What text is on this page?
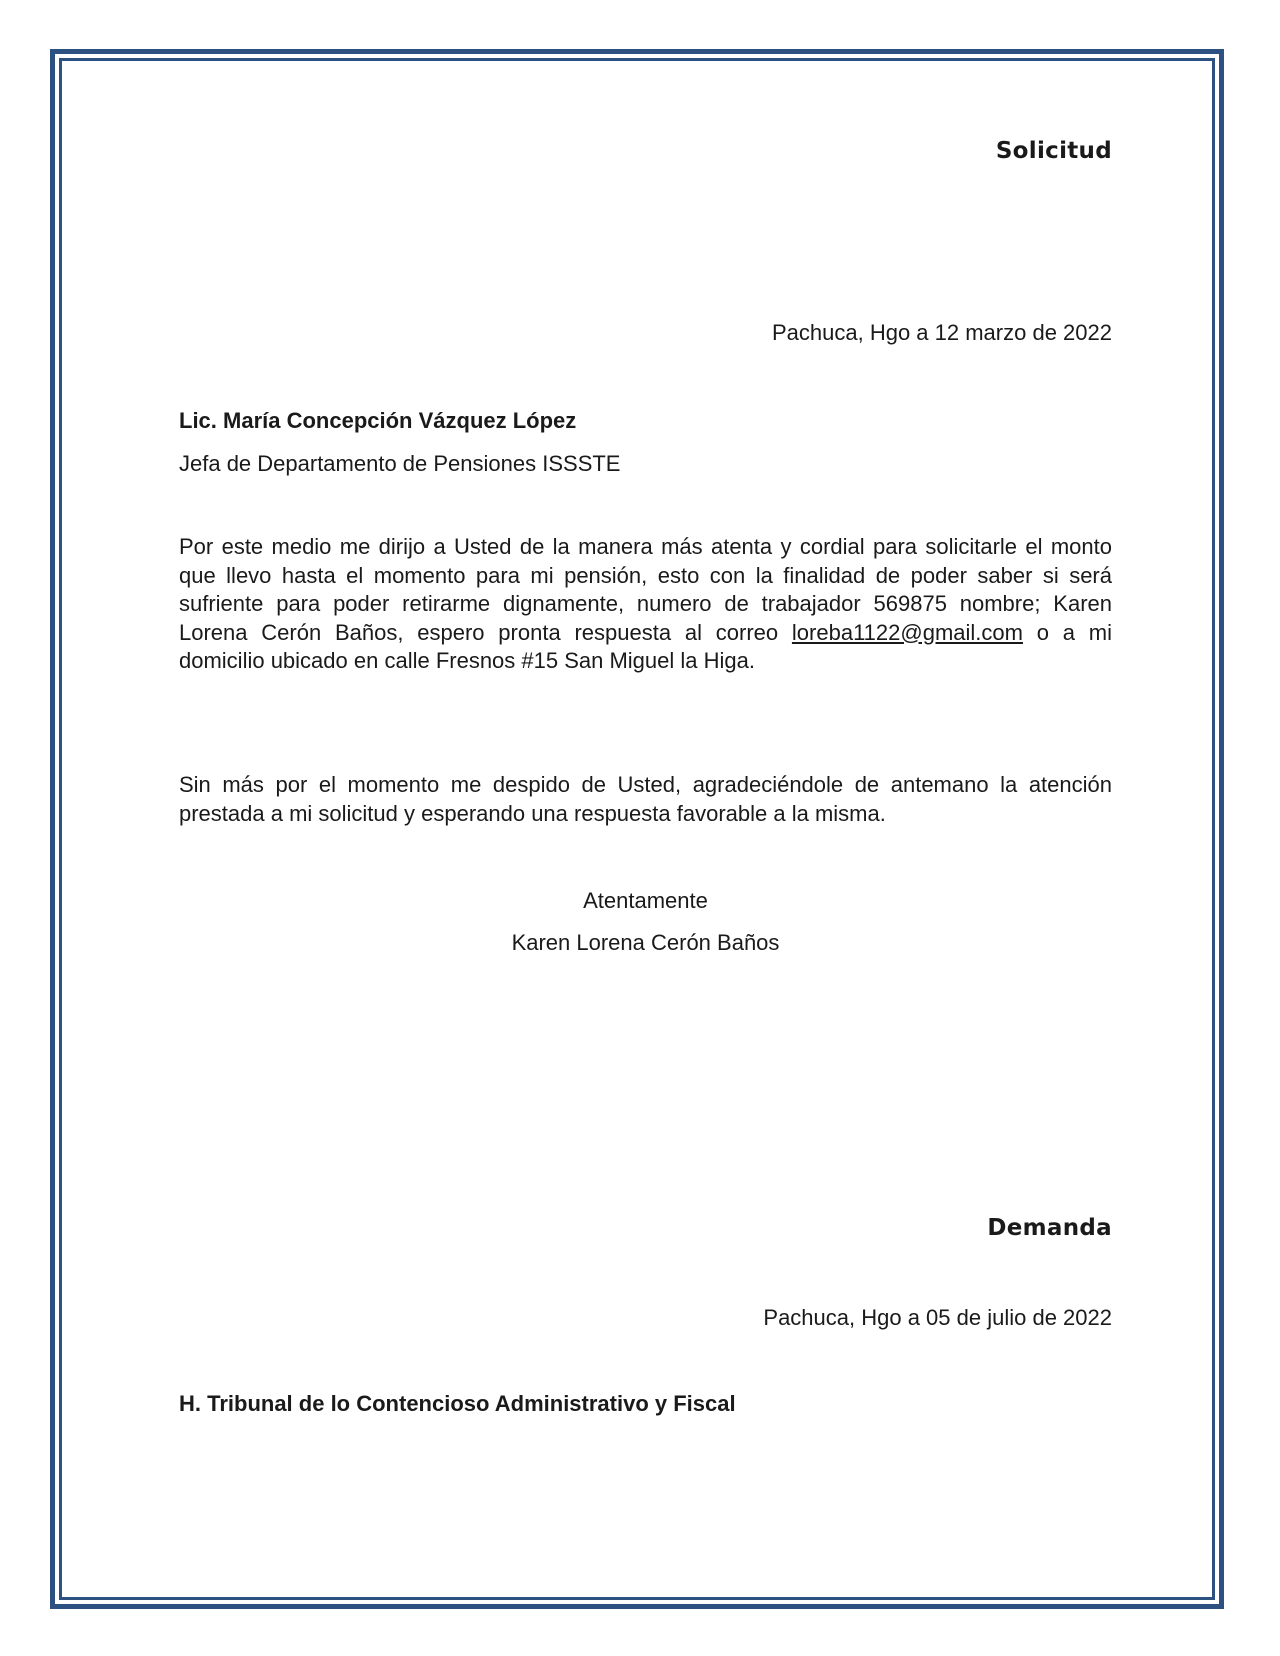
Solicitud

Pachuca, Hgo a 12 marzo de 2022

Lic. María Concepción Vázquez López

Jefa de Departamento de Pensiones ISSSTE

Por este medio me dirijo a Usted de la manera más atenta y cordial para solicitarle el monto que llevo hasta el momento para mi pensión, esto con la finalidad de poder saber si será sufriente para poder retirarme dignamente, numero de trabajador 569875 nombre; Karen Lorena Cerón Baños, espero pronta respuesta al correo loreba1122@gmail.com o a mi domicilio ubicado en calle Fresnos #15 San Miguel la Higa.

Sin más por el momento me despido de Usted, agradeciéndole de antemano la atención prestada a mi solicitud y esperando una respuesta favorable a la misma.

Atentamente

Karen Lorena Cerón Baños

Demanda

Pachuca, Hgo a 05 de julio de 2022

H. Tribunal de lo Contencioso Administrativo y Fiscal
